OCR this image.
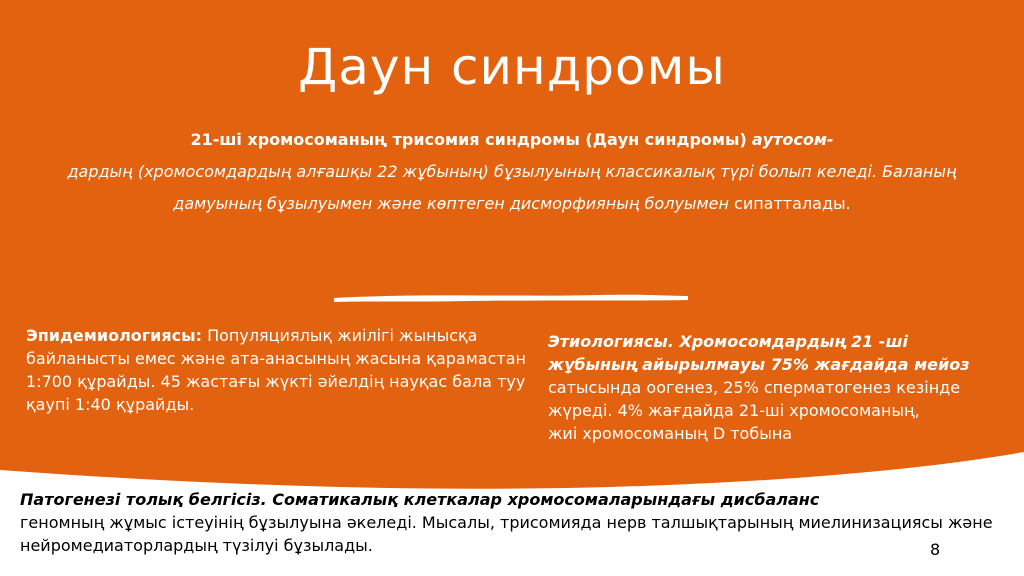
Даун синдромы

21-ші хромосоманың трисомия синдромы (Даун синдромы) аутосом-
дардың (хромосомдардың алғашқы 22 жұбының) бұзылуының классикалық түрі болып келеді. Баланың дамуының бұзылуымен және көптеген дисморфияның болуымен сипатталады.

Эпидемиологиясы: Популяциялық жиілігі жынысқа байланысты емес және ата-анасының жасына қарамастан 1:700 құрайды. 45 жастағы жүкті әйелдің науқас бала туу қаупі 1:40 құрайды.

Этиологиясы. Хромосомдардың 21 -ші жұбының айырылмауы 75% жағдайда мейоз
сатысында оогенез, 25% сперматогенез кезінде жүреді. 4% жағдайда 21-ші хромосоманың,
жиі хромосоманың D тобына

Патогенезі толық белгісіз. Соматикалық клеткалар хромосомаларындағы дисбаланс
геномның жұмыс істеуінің бұзылуына әкеледі. Мысалы, трисомияда нерв талшықтарының миелинизациясы және нейромедиаторлардың түзілуі бұзылады.	8
